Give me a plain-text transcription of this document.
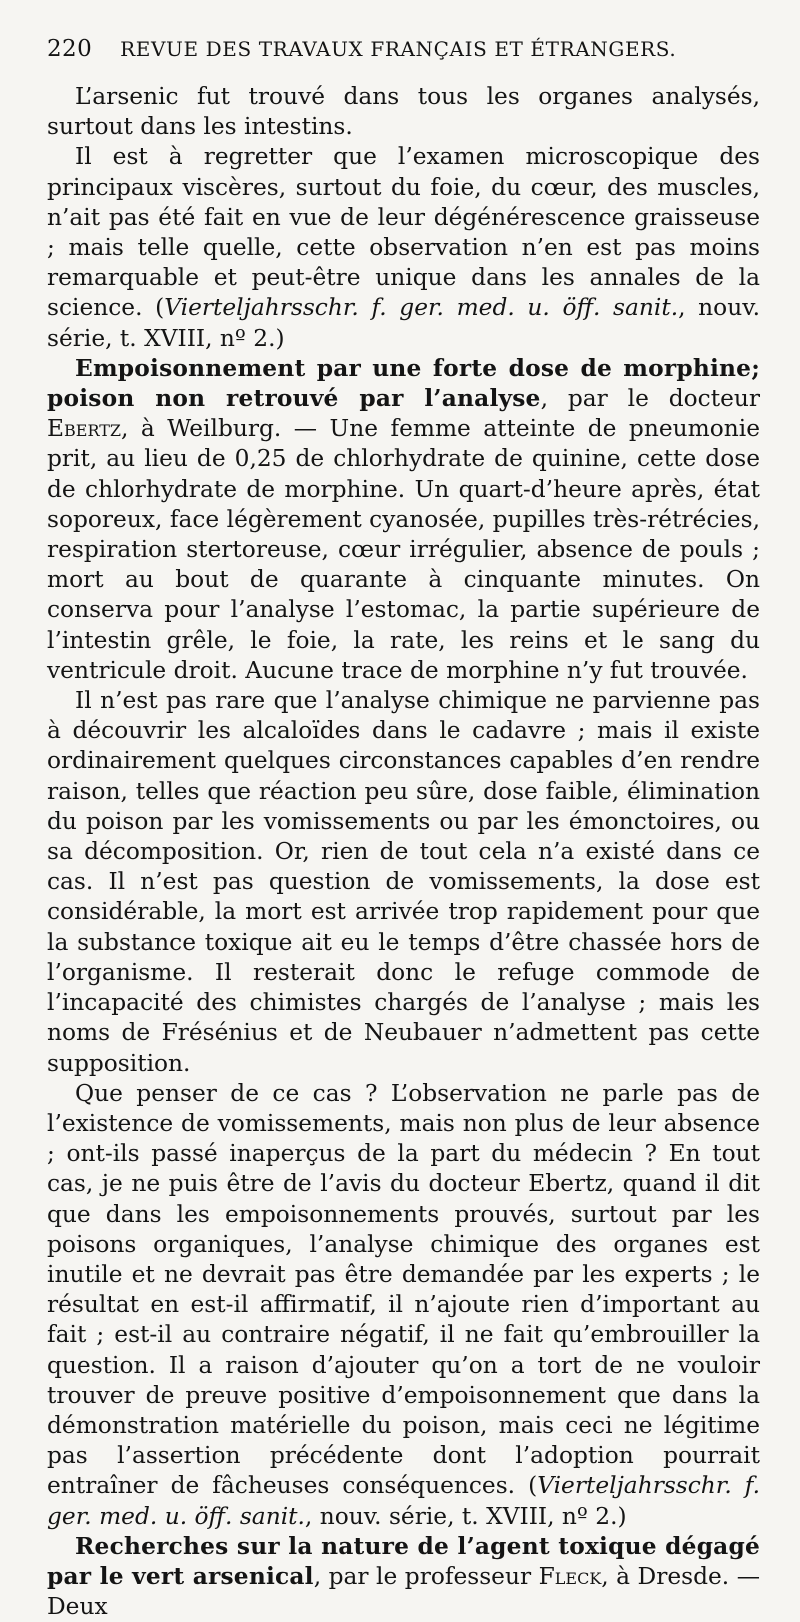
220 REVUE DES TRAVAUX FRANÇAIS ET ÉTRANGERS.

L’arsenic fut trouvé dans tous les organes analysés, surtout dans les intestins.

Il est à regretter que l’examen microscopique des principaux viscères, surtout du foie, du cœur, des muscles, n’ait pas été fait en vue de leur dégénérescence graisseuse ; mais telle quelle, cette observation n’en est pas moins remarquable et peut-être unique dans les annales de la science. (Vierteljahrsschr. f. ger. med. u. öff. sanit., nouv. série, t. XVIII, nº 2.)

Empoisonnement par une forte dose de morphine; poison non retrouvé par l’analyse, par le docteur Ebertz, à Weilburg. — Une femme atteinte de pneumonie prit, au lieu de 0,25 de chlorhydrate de quinine, cette dose de chlorhydrate de morphine. Un quart-d’heure après, état soporeux, face légèrement cyanosée, pupilles très-rétrécies, respiration stertoreuse, cœur irrégulier, absence de pouls ; mort au bout de quarante à cinquante minutes. On conserva pour l’analyse l’estomac, la partie supérieure de l’intestin grêle, le foie, la rate, les reins et le sang du ventricule droit. Aucune trace de morphine n’y fut trouvée.

Il n’est pas rare que l’analyse chimique ne parvienne pas à découvrir les alcaloïdes dans le cadavre ; mais il existe ordinairement quelques circonstances capables d’en rendre raison, telles que réaction peu sûre, dose faible, élimination du poison par les vomissements ou par les émonctoires, ou sa décomposition. Or, rien de tout cela n’a existé dans ce cas. Il n’est pas question de vomissements, la dose est considérable, la mort est arrivée trop rapidement pour que la substance toxique ait eu le temps d’être chassée hors de l’organisme. Il resterait donc le refuge commode de l’incapacité des chimistes chargés de l’analyse ; mais les noms de Frésénius et de Neubauer n’admettent pas cette supposition.

Que penser de ce cas ? L’observation ne parle pas de l’existence de vomissements, mais non plus de leur absence ; ont-ils passé inaperçus de la part du médecin ? En tout cas, je ne puis être de l’avis du docteur Ebertz, quand il dit que dans les empoisonnements prouvés, surtout par les poisons organiques, l’analyse chimique des organes est inutile et ne devrait pas être demandée par les experts ; le résultat en est-il affirmatif, il n’ajoute rien d’important au fait ; est-il au contraire négatif, il ne fait qu’embrouiller la question. Il a raison d’ajouter qu’on a tort de ne vouloir trouver de preuve positive d’empoisonnement que dans la démonstration matérielle du poison, mais ceci ne légitime pas l’assertion précédente dont l’adoption pourrait entraîner de fâcheuses conséquences. (Vierteljahrsschr. f. ger. med. u. öff. sanit., nouv. série, t. XVIII, nº 2.)

Recherches sur la nature de l’agent toxique dégagé par le vert arsenical, par le professeur Fleck, à Dresde. — Deux
